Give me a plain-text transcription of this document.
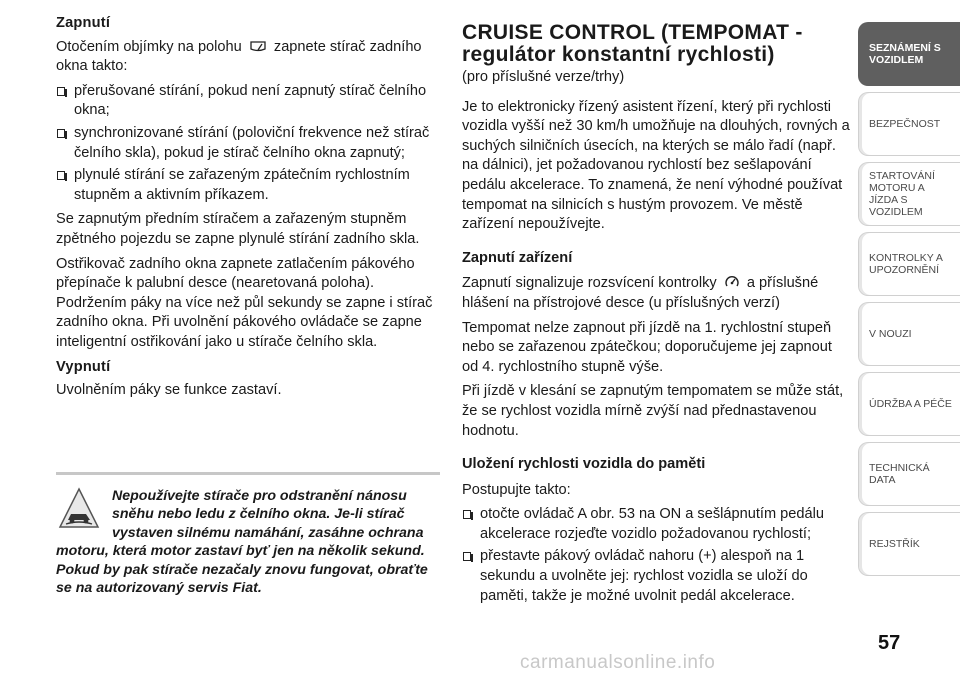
Zapnutí

Otočením objímky na polohu zapnete stírač zadního okna takto:

přerušované stírání, pokud není zapnutý stírač čelního okna;
synchronizované stírání (poloviční frekvence než stírač čelního skla), pokud je stírač čelního okna zapnutý;
plynulé stírání se zařazeným zpátečním rychlostním stupněm a aktivním příkazem.

Se zapnutým předním stíračem a zařazeným stupněm zpětného pojezdu se zapne plynulé stírání zadního skla.

Ostřikovač zadního okna zapnete zatlačením pákového přepínače k palubní desce (nearetovaná poloha). Podržením páky na více než půl sekundy se zapne i stírač zadního okna. Při uvolnění pákového ovládače se zapne inteligentní ostřikování jako u stírače čelního skla.

Vypnutí

Uvolněním páky se funkce zastaví.

Nepoužívejte stírače pro odstranění nánosu sněhu nebo ledu z čelního okna. Je-li stírač vystaven silnému namáhání, zasáhne ochrana motoru, která motor zastaví byť jen na několik sekund. Pokud by pak stírače nezačaly znovu fungovat, obraťte se na autorizovaný servis Fiat.
CRUISE CONTROL (TEMPOMAT -
regulátor konstantní rychlosti)
(pro příslušné verze/trhy)

Je to elektronicky řízený asistent řízení, který při rychlosti vozidla vyšší než 30 km/h umožňuje na dlouhých, rovných a suchých silničních úsecích, na kterých se málo řadí (např. na dálnici), jet požadovanou rychlostí bez sešlapování pedálu akcelerace. To znamená, že není výhodné používat tempomat na silnicích s hustým provozem. Ve městě zařízení nepoužívejte.

Zapnutí zařízení

Zapnutí signalizuje rozsvícení kontrolky a příslušné hlášení na přístrojové desce (u příslušných verzí)

Tempomat nelze zapnout při jízdě na 1. rychlostní stupeň nebo se zařazenou zpátečkou; doporučujeme jej zapnout od 4. rychlostního stupně výše.

Při jízdě v klesání se zapnutým tempomatem se může stát, že se rychlost vozidla mírně zvýší nad přednastavenou hodnotu.

Uložení rychlosti vozidla do paměti

Postupujte takto:

otočte ovládač A obr. 53 na ON a sešlápnutím pedálu akcelerace rozjeďte vozidlo požadovanou rychlostí;
přestavte pákový ovládač nahoru (+) alespoň na 1 sekundu a uvolněte jej: rychlost vozidla se uloží do paměti, takže je možné uvolnit pedál akcelerace.
SEZNÁMENÍ S VOZIDLEM
BEZPEČNOST
STARTOVÁNÍ MOTORU A JÍZDA S VOZIDLEM
KONTROLKY A UPOZORNĚNÍ
V NOUZI
ÚDRŽBA A PÉČE
TECHNICKÁ DATA
REJSTŘÍK
57
carmanualsonline.info
